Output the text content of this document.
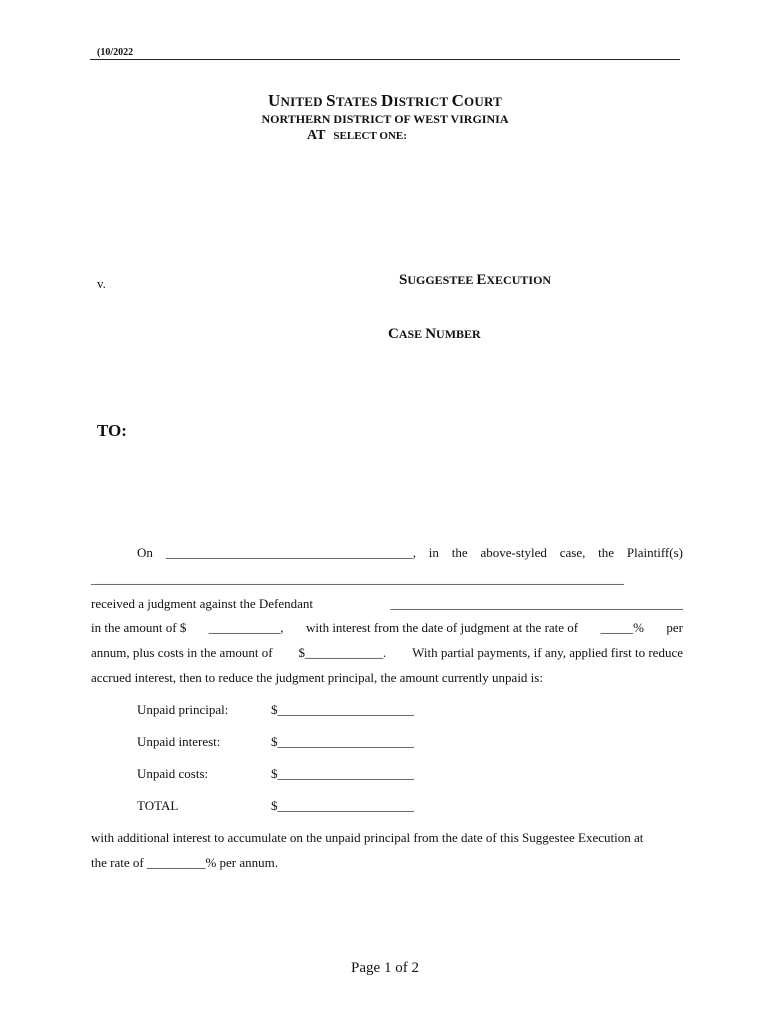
(10/2022
UNITED STATES DISTRICT COURT
NORTHERN DISTRICT OF WEST VIRGINIA
AT SELECT ONE:
v.	SUGGESTEE EXECUTION
CASE NUMBER
TO:
On ______________________________________, in the above-styled case, the Plaintiff(s)
__________________________________________________________________________________
received a judgment against the Defendant	_____________________________________________
in the amount of $ ___________, with interest from the date of judgment at the rate of _____% per
annum, plus costs in the amount of $____________. With partial payments, if any, applied first to reduce
accrued interest, then to reduce the judgment principal, the amount currently unpaid is:
Unpaid principal:	$_____________________
Unpaid interest:	$_____________________
Unpaid costs:	$_____________________
TOTAL	$_____________________
with additional interest to accumulate on the unpaid principal from the date of this Suggestee Execution at
the rate of _________% per annum.
Page 1 of 2
